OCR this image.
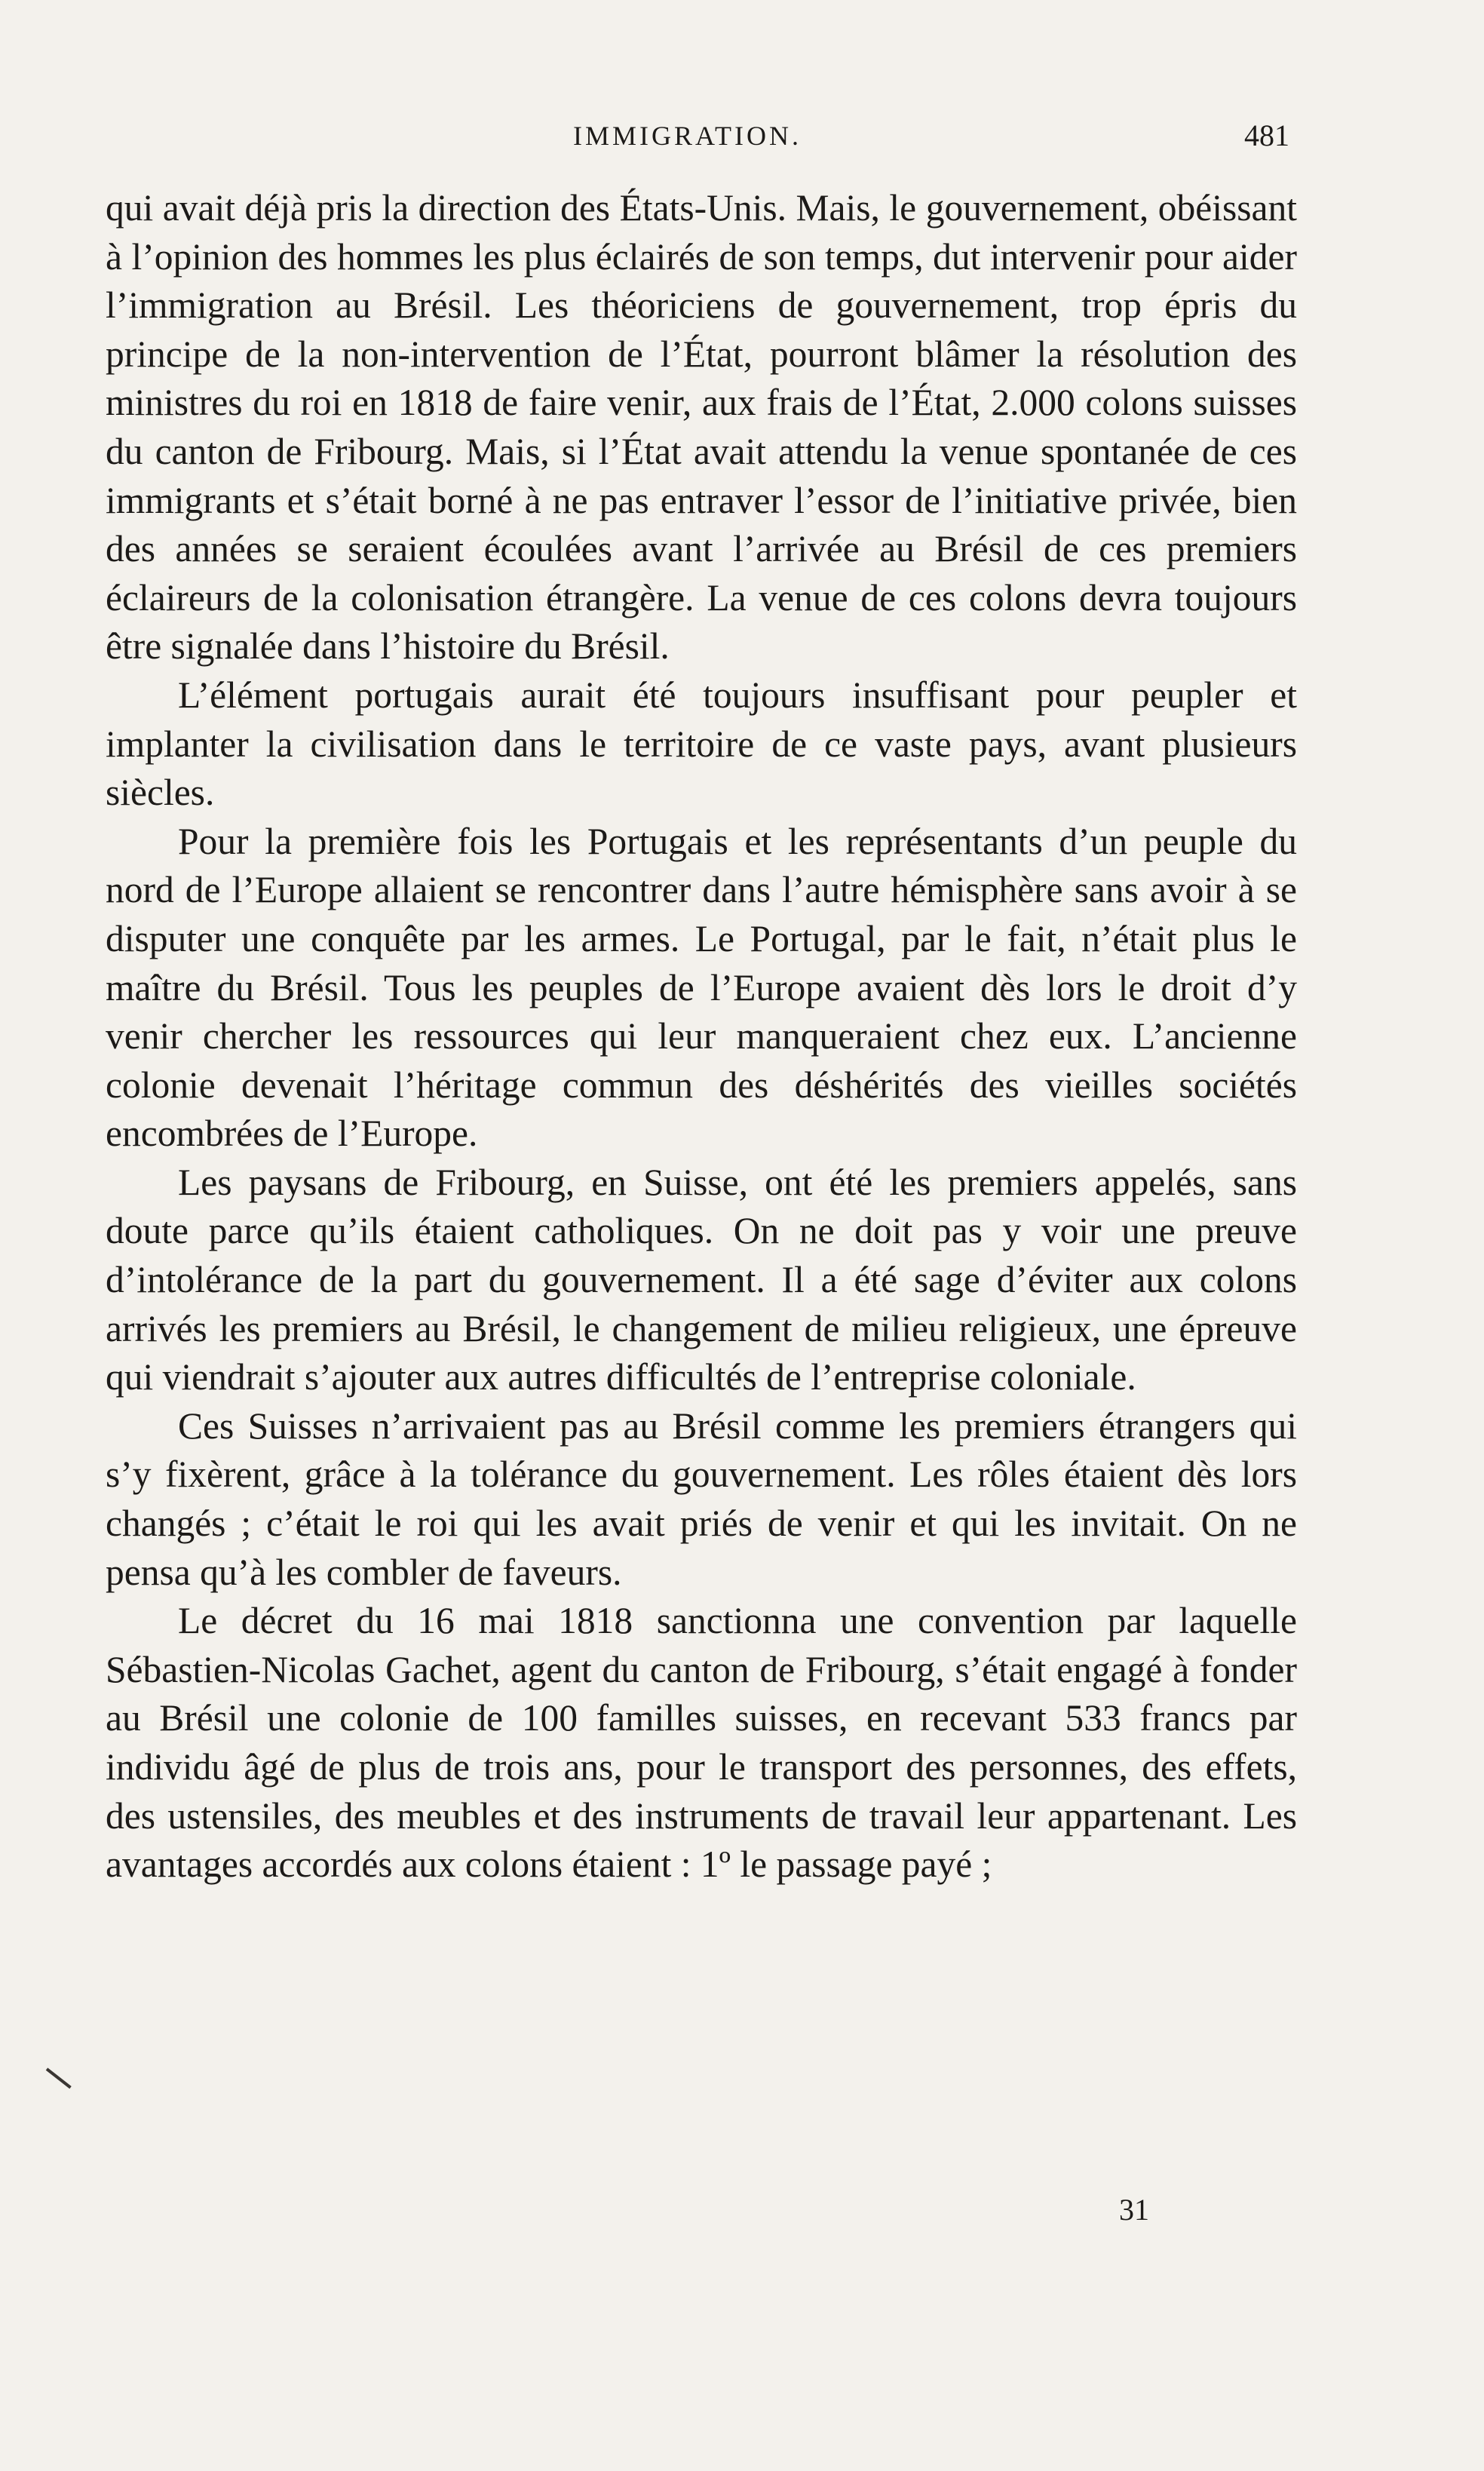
IMMIGRATION.	481

qui avait déjà pris la direction des États-Unis. Mais, le gouvernement, obéissant à l’opinion des hommes les plus éclairés de son temps, dut intervenir pour aider l’immigration au Brésil. Les théoriciens de gouvernement, trop épris du principe de la non-intervention de l’État, pourront blâmer la résolution des ministres du roi en 1818 de faire venir, aux frais de l’État, 2.000 colons suisses du canton de Fribourg. Mais, si l’État avait attendu la venue spontanée de ces immigrants et s’était borné à ne pas entraver l’essor de l’initiative privée, bien des années se seraient écoulées avant l’arrivée au Brésil de ces premiers éclaireurs de la colonisation étrangère. La venue de ces colons devra toujours être signalée dans l’histoire du Brésil.

L’élément portugais aurait été toujours insuffisant pour peupler et implanter la civilisation dans le territoire de ce vaste pays, avant plusieurs siècles.

Pour la première fois les Portugais et les représentants d’un peuple du nord de l’Europe allaient se rencontrer dans l’autre hémisphère sans avoir à se disputer une conquête par les armes. Le Portugal, par le fait, n’était plus le maître du Brésil. Tous les peuples de l’Europe avaient dès lors le droit d’y venir chercher les ressources qui leur manqueraient chez eux. L’ancienne colonie devenait l’héritage commun des déshérités des vieilles sociétés encombrées de l’Europe.

Les paysans de Fribourg, en Suisse, ont été les premiers appelés, sans doute parce qu’ils étaient catholiques. On ne doit pas y voir une preuve d’intolérance de la part du gouvernement. Il a été sage d’éviter aux colons arrivés les premiers au Brésil, le changement de milieu religieux, une épreuve qui viendrait s’ajouter aux autres difficultés de l’entreprise coloniale.

Ces Suisses n’arrivaient pas au Brésil comme les premiers étrangers qui s’y fixèrent, grâce à la tolérance du gouvernement. Les rôles étaient dès lors changés ; c’était le roi qui les avait priés de venir et qui les invitait. On ne pensa qu’à les combler de faveurs.

Le décret du 16 mai 1818 sanctionna une convention par laquelle Sébastien-Nicolas Gachet, agent du canton de Fribourg, s’était engagé à fonder au Brésil une colonie de 100 familles suisses, en recevant 533 francs par individu âgé de plus de trois ans, pour le transport des personnes, des effets, des ustensiles, des meubles et des instruments de travail leur appartenant. Les avantages accordés aux colons étaient : 1º le passage payé ;

31
